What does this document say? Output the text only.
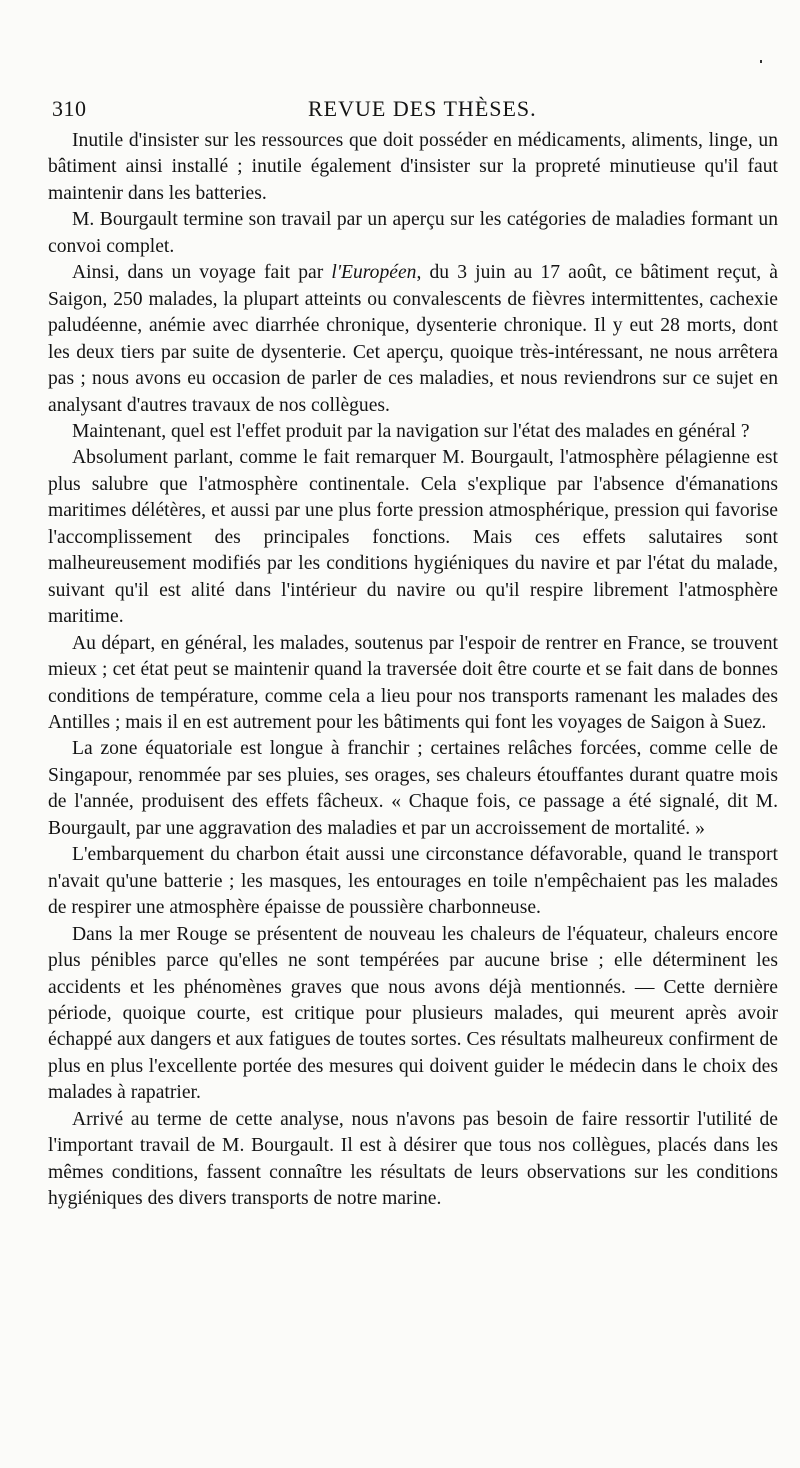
310	REVUE DES THÈSES.

Inutile d'insister sur les ressources que doit posséder en médicaments, aliments, linge, un bâtiment ainsi installé ; inutile également d'insister sur la propreté minutieuse qu'il faut maintenir dans les batteries.

M. Bourgault termine son travail par un aperçu sur les catégories de maladies formant un convoi complet.

Ainsi, dans un voyage fait par l'Européen, du 3 juin au 17 août, ce bâtiment reçut, à Saigon, 250 malades, la plupart atteints ou convalescents de fièvres intermittentes, cachexie paludéenne, anémie avec diarrhée chronique, dysenterie chronique. Il y eut 28 morts, dont les deux tiers par suite de dysenterie. Cet aperçu, quoique très-intéressant, ne nous arrêtera pas ; nous avons eu occasion de parler de ces maladies, et nous reviendrons sur ce sujet en analysant d'autres travaux de nos collègues.

Maintenant, quel est l'effet produit par la navigation sur l'état des malades en général ?

Absolument parlant, comme le fait remarquer M. Bourgault, l'atmosphère pélagienne est plus salubre que l'atmosphère continentale. Cela s'explique par l'absence d'émanations maritimes délétères, et aussi par une plus forte pression atmosphérique, pression qui favorise l'accomplissement des principales fonctions. Mais ces effets salutaires sont malheureusement modifiés par les conditions hygiéniques du navire et par l'état du malade, suivant qu'il est alité dans l'intérieur du navire ou qu'il respire librement l'atmosphère maritime.

Au départ, en général, les malades, soutenus par l'espoir de rentrer en France, se trouvent mieux ; cet état peut se maintenir quand la traversée doit être courte et se fait dans de bonnes conditions de température, comme cela a lieu pour nos transports ramenant les malades des Antilles ; mais il en est autrement pour les bâtiments qui font les voyages de Saigon à Suez.

La zone équatoriale est longue à franchir ; certaines relâches forcées, comme celle de Singapour, renommée par ses pluies, ses orages, ses chaleurs étouffantes durant quatre mois de l'année, produisent des effets fâcheux. « Chaque fois, ce passage a été signalé, dit M. Bourgault, par une aggravation des maladies et par un accroissement de mortalité. »

L'embarquement du charbon était aussi une circonstance défavorable, quand le transport n'avait qu'une batterie ; les masques, les entourages en toile n'empêchaient pas les malades de respirer une atmosphère épaisse de poussière charbonneuse.

Dans la mer Rouge se présentent de nouveau les chaleurs de l'équateur, chaleurs encore plus pénibles parce qu'elles ne sont tempérées par aucune brise ; elle déterminent les accidents et les phénomènes graves que nous avons déjà mentionnés. — Cette dernière période, quoique courte, est critique pour plusieurs malades, qui meurent après avoir échappé aux dangers et aux fatigues de toutes sortes. Ces résultats malheureux confirment de plus en plus l'excellente portée des mesures qui doivent guider le médecin dans le choix des malades à rapatrier.

Arrivé au terme de cette analyse, nous n'avons pas besoin de faire ressortir l'utilité de l'important travail de M. Bourgault. Il est à désirer que tous nos collègues, placés dans les mêmes conditions, fassent connaître les résultats de leurs observations sur les conditions hygiéniques des divers transports de notre marine.
